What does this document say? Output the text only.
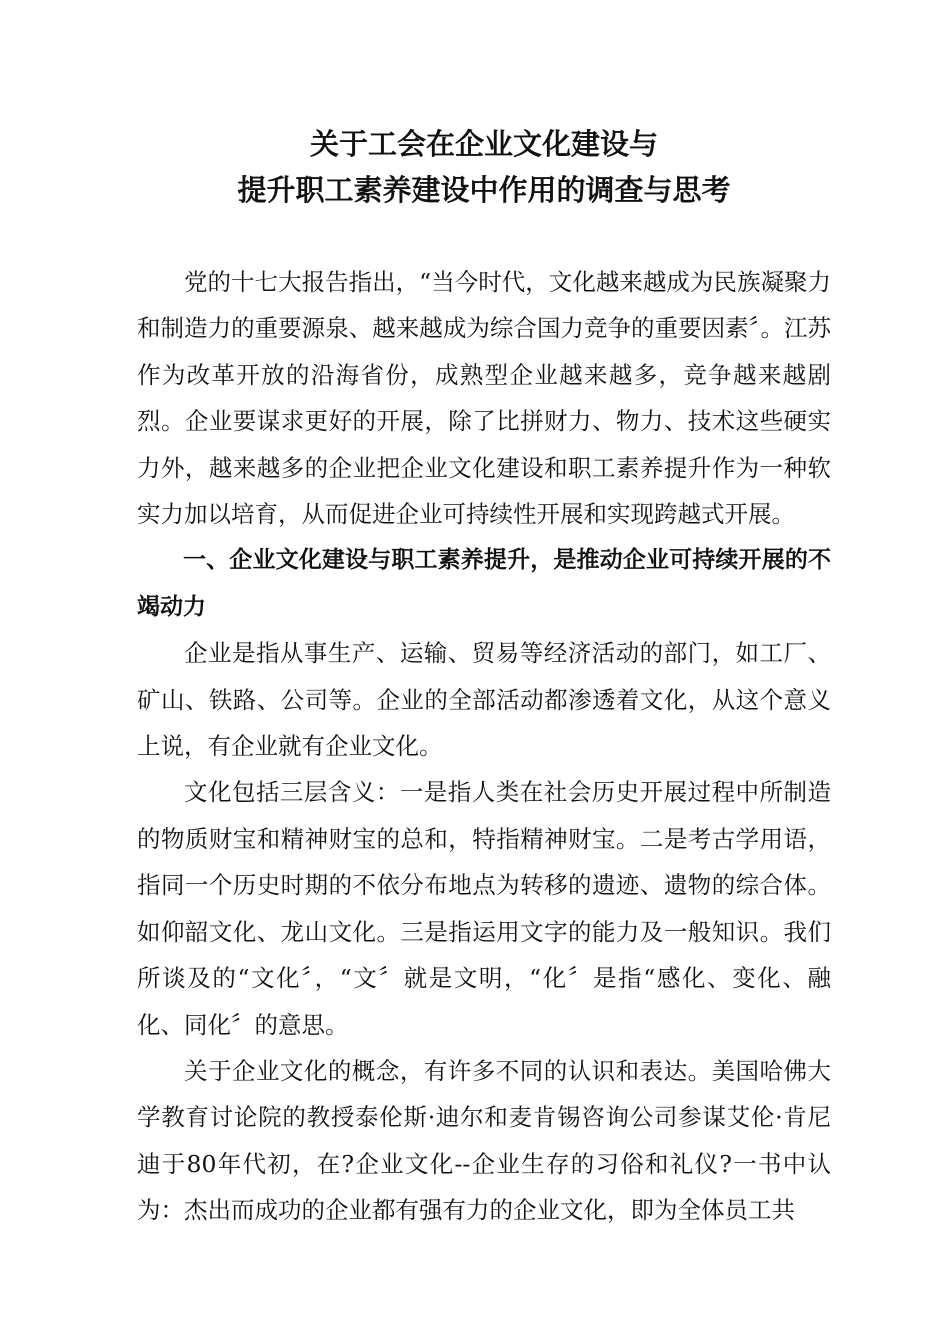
关于工会在企业文化建设与
提升职工素养建设中作用的调查与思考

党的十七大报告指出，“当今时代，文化越来越成为民族凝聚力和制造力的重要源泉、越来越成为综合国力竞争的重要因素〞。江苏作为改革开放的沿海省份，成熟型企业越来越多，竞争越来越剧烈。企业要谋求更好的开展，除了比拼财力、物力、技术这些硬实力外，越来越多的企业把企业文化建设和职工素养提升作为一种软实力加以培育，从而促进企业可持续性开展和实现跨越式开展。

一、企业文化建设与职工素养提升，是推动企业可持续开展的不竭动力

企业是指从事生产、运输、贸易等经济活动的部门，如工厂、矿山、铁路、公司等。企业的全部活动都渗透着文化，从这个意义上说，有企业就有企业文化。

文化包括三层含义：一是指人类在社会历史开展过程中所制造的物质财宝和精神财宝的总和，特指精神财宝。二是考古学用语，指同一个历史时期的不依分布地点为转移的遗迹、遗物的综合体。如仰韶文化、龙山文化。三是指运用文字的能力及一般知识。我们所谈及的“文化〞，“文〞就是文明，“化〞是指“感化、变化、融化、同化〞的意思。

关于企业文化的概念，有许多不同的认识和表达。美国哈佛大学教育讨论院的教授泰伦斯·迪尔和麦肯锡咨询公司参谋艾伦·肯尼迪于80年代初，在?企业文化--企业生存的习俗和礼仪?一书中认为：杰出而成功的企业都有强有力的企业文化，即为全体员工共
